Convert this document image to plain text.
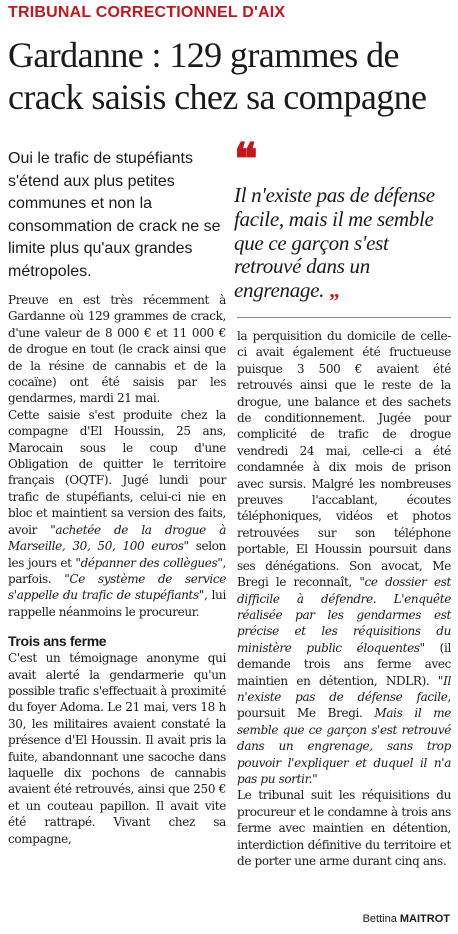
TRIBUNAL CORRECTIONNEL D'AIX
Gardanne : 129 grammes de
crack saisis chez sa compagne
Oui le trafic de stupéfiants s'étend aux plus petites communes et non la consommation de crack ne se limite plus qu'aux grandes métropoles.
❝
Il n'existe pas de défense facile, mais il me semble que ce garçon s'est retrouvé dans un engrenage. „

Preuve en est très récemment à Gardanne où 129 grammes de crack, d'une valeur de 8 000 € et 11 000 € de drogue en tout (le crack ainsi que de la résine de cannabis et de la cocaïne) ont été saisis par les gendarmes, mardi 21 mai.

Cette saisie s'est produite chez la compagne d'El Houssin, 25 ans, Marocain sous le coup d'une Obligation de quitter le territoire français (OQTF). Jugé lundi pour trafic de stupéfiants, celui-ci nie en bloc et maintient sa version des faits, avoir "achetée de la drogue à Marseille, 30, 50, 100 euros" selon les jours et "dépanner des collègues", parfois. "Ce système de service s'appelle du trafic de stupéfiants", lui rappelle néanmoins le procureur.

Trois ans ferme

C'est un témoignage anonyme qui avait alerté la gendarmerie qu'un possible trafic s'effectuait à proximité du foyer Adoma. Le 21 mai, vers 18 h 30, les militaires avaient constaté la présence d'El Houssin. Il avait pris la fuite, abandonnant une sacoche dans laquelle dix pochons de cannabis avaient été retrouvés, ainsi que 250 € et un couteau papillon. Il avait vite été rattrapé. Vivant chez sa compagne,

la perquisition du domicile de celle-ci avait également été fructueuse puisque 3 500 € avaient été retrouvés ainsi que le reste de la drogue, une balance et des sachets de conditionnement. Jugée pour complicité de trafic de drogue vendredi 24 mai, celle-ci a été condamnée à dix mois de prison avec sursis. Malgré les nombreuses preuves l'accablant, écoutes téléphoniques, vidéos et photos retrouvées sur son téléphone portable, El Houssin poursuit dans ses dénégations. Son avocat, Me Bregi le reconnaît, "ce dossier est difficile à défendre. L'enquête réalisée par les gendarmes est précise et les réquisitions du ministère public éloquentes" (il demande trois ans ferme avec maintien en détention, NDLR). "Il n'existe pas de défense facile, poursuit Me Bregi. Mais il me semble que ce garçon s'est retrouvé dans un engrenage, sans trop pouvoir l'expliquer et duquel il n'a pas pu sortir."

Le tribunal suit les réquisitions du procureur et le condamne à trois ans ferme avec maintien en détention, interdiction définitive du territoire et de porter une arme durant cinq ans.

Bettina MAITROT
